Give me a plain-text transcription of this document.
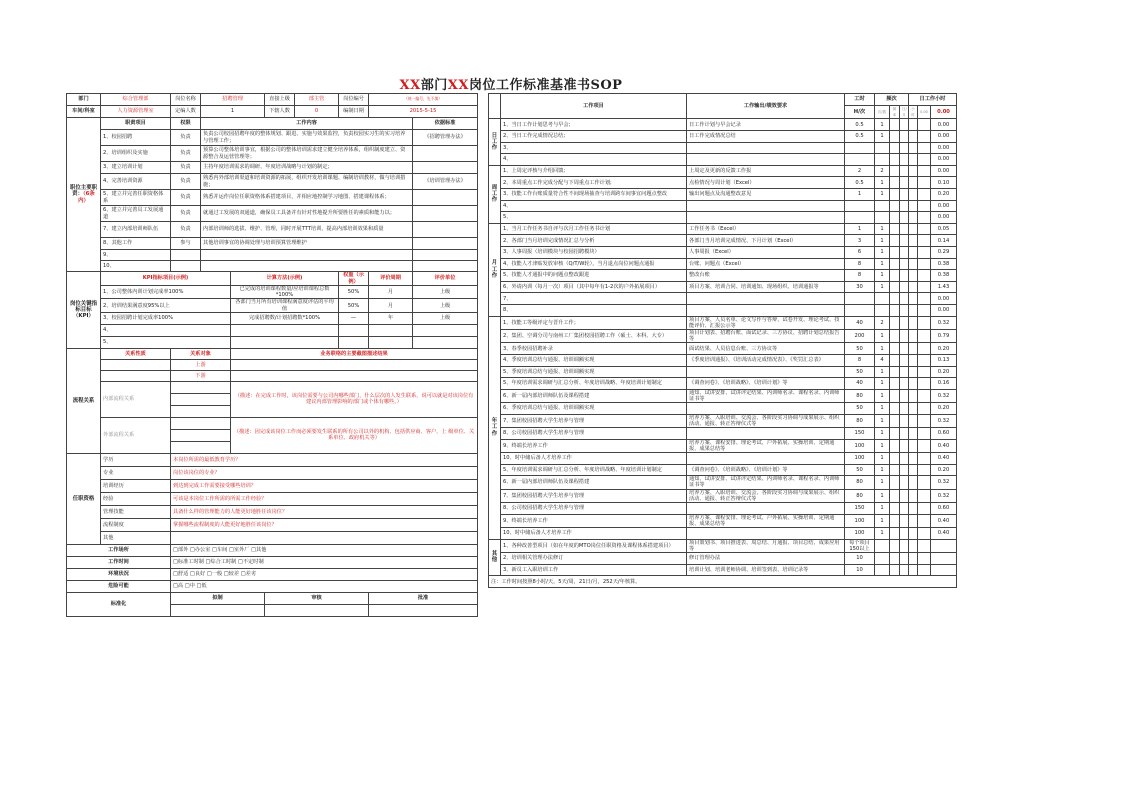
XX部门XX岗位工作标准基准书SOP
部门	综合管理部	岗位名称	招聘管理		直接上级	部主管	岗位编号	（统一编号，先不填）	
车间/科室	人力资源管理室	定编人数	1		下辖人数	0	编制日期	2015-5-15	
职位主要职责：（6条内）	职责项目	权限	工作内容						依据标准
	1、校园招聘	负责	负责公司校园招聘年度的整体规划、跟进、实施与效果监控，负责校园实习生的实习培养与管理工作；						《招聘管理办法》
	2、培训组织及实施	负责	预算公司整体培训事宜，根据公司的整体培训需求建立健全培养体系，组织制度建立、资源整合及运营管理等；						
	3、建立培训计划	负责	主持年度培训需求的调研、年度培训战略与计划的制定；						
	4、完善培训资源	负责	熟悉内外部培训渠道和培训资源的拓展，组织开发培训课题、编制培训教材，做与培训措施；						《培训管理办法》
	5、建立并完善任职资格体系	负责	熟悉并运作岗位任职资格体系搭建项目，并相应地控制学习地图、搭建课程体系；						
	6、建立并完善员工发展通道	负责	就通过工发展的双通道，确保员工具备并有针对性地提升所要胜任的素质和能力以；						
	7、建立内部培训师队伍	负责	内部培训师的选拔、维护、管理，同时开展TTT培训，提高内部培训效果和质量						
	8、其他工作	参与	其他培训事宜的协调处理与培训预算管理维护						
	9、								
	10、								
岗位关键指标目标（KPI）	KPI指标项目(示例)			计算方法(示例)			权重（示例）	评价周期	评价单位
	1、公司整体内训计划完成率100%			已完成的培训课程数量/应培训课程总数*100%			50%	月	上级
	2、培训结果满意度95%以上			各部门当月所有培训课程满意度评估的平均值			50%	月	上级
	3、校园招聘计划完成率100%			完成招聘数/计划招聘数*100%			—	年	上级
	4、								
	5、								
流程关系	关系性质	关系对象		业务联络的主要截图描述结果					
		上游							
		下游							
	内部流程关系			（描述：在完成工作时，该岗位需要与公司内哪些部门、什么层次的人发生联系，说可以就是对该岗位有建议内部管理影响的部门或个体有哪些。）					

	外部流程关系			（描述：因完成该岗位工作而必须要发生联系的所有公司以外的机构、包括供应商、客户、上 级单位、关系单位、政府机关等）					

任职资格	学历	本岗位所需的最低教育学历？							
	专业	岗位该岗位的专业？							
	培训经历	到达到完成工作需要接受哪些培训？							
	经验	可该是本岗位工作所需的所需工作经验？							
	管理技能	具备什么样的管理能力的人能更好地胜任该岗位？							
	流程制度	掌握哪些流程制度的人能更好地胜任该岗位？							
	其他								
工作场所		□部外 □办公室 □车间 □室外厂 □其他							
工作时间		□标准工时制 □综合工时制 □不定时制							
环境状况		□舒适 □良好 □一般 □较差 □差劣							
危险可能		□高 □中 □低							
标准化		拟制			审核			批准	

	工作项目	工作输出/绩效要求	工时	频次			日工作小时		
			H/次	次/数	频率	日/月	小时	0.00	0.00
日工作	1、当日工作计划思考与早会;	日工作计划与早会记录	0.5	1					0.00
	2、当日工作完成情况总结;	日工作完成情况总结	0.5	1					0.00
	3、								0.00
	4、								0.00
周工作	1、上周定评核与介绍回馈;	上周定及更新的反馈工作报	2	2					0.00
	2、本周重点工作完成分配与下周重点工作计划;	点检情况与周计划（Excel）	0.5	1					0.10
	3、技能工作台账质量符合性不间现场抽查与培训跨车间事宜问题点整改	输出问题点及沟通整改意见	1	1					0.20
	4、								0.00
	5、								0.00
月工作	1、当月工作任务书自评与次月工作任务书计划	工作任务书（Excel）	1	1					0.05
	2、各部门当月培训完成情况汇总与分析	各部门当月培训完成情况、下月计划（Excel）	3	1					0.14
	3、人事周报（培训模块与校园招聘模块）	人事周报（Excel）	6	1					0.29
	4、技能人才津贴发放审核（Q/T/W轮），当月退点岗位问题点通报	台账、问题点（Excel）	8	1					0.38
	5、技能人才通报中的问题点整改跟进	整改台账	8	1					0.38
	6、外请内训（每月一次）项目（其中每年有1-2次的户外拓展项目）	项目方案、培训合同、培训通知、现场组织、培训通报等	30	1					1.43
	7、								0.00
	8、								0.00
年工作	1、技能工等级评定与晋升工作；	项目方案、人员名单、论文写作与答辩、试卷开发、理论考试、技能评价、汇报公示等	40	2					0.32
	2、集团、空调分司与南州工厂集团校园招聘工作（硕士、本科、大专）	项目计划表、招聘台账、面试记录、三方协议、招聘计划总结报告等	200	1					0.79
	3、春季校园招聘补录	面试结果、人员信息台账、三方协议等	50	1					0.20
	4、季度培训总结与通报、培训调额实现	《季度培训通报》、《培训活动完成情况表》、《奖罚汇总表》	8	4					0.13
	5、季度培训总结与通报、培训调额实现		50	1					0.20
	5、年度培训需求调研与汇总分析、年度培训战略、年度培训计划制定	《调查问卷》、《培训战略》、《培训计划》等	40	1					0.16
	6、新一届内部培训师队伍及课程搭建	通知、试讲安排、试讲评定结果、内训师名录、课程名录、内训师证书等	80	1					0.32
	6、季度培训总结与通报、培训调额实现		50	1					0.20
	7、集团校园招聘大学生培养与管理	培养方案、入职培训、交流会、各阶段实习协调与成果展示、组织活动、通报、转正答辩仪式等	80	1					0.32
	8、公司校园招聘大学生培养与管理		150	1					0.60
	9、终端长培养工作	培养方案、课程安排、理论考试、户外拓展、实操培训、定期通报、成果总结等	100	1					0.40
	10、时中储后备人才培养工作		100	1					0.40
	5、年度培训需求调研与汇总分析、年度培训战略、年度培训计划制定	《调查问卷》、《培训战略》、《培训计划》等	50	1					0.20
	6、新一届内部培训师队伍及课程搭建	通知、试讲安排、试讲评定结果、内训师名录、课程名录、内训师证书等	80	1					0.32
	7、集团校园招聘大学生培养与管理	培养方案、入职培训、交流会、各阶段实习协调与成果展示、组织活动、通报、转正答辩仪式等	80	1					0.32
	8、公司校园招聘大学生培养与管理		150	1					0.60
	9、终端长培养工作	培养方案、课程安排、理论考试、户外拓展、实操培训、定期通报、成果总结等	100	1					0.40
	10、时中储后备人才培养工作		100	1					0.40
其他	1、各种改善型项目（如在年度的MTO岗位任职资格及课程体系搭建项目）	项目策划书、项目推进表、周总结、月通报、项目总结、成果应用等	每个项目150以上						
	2、培训相关管理办法修订	修订管理办法	10						
	3、新员工入职培训工作	培训计划、培训老师协调、培训签到表、培训记录等	10						
注：工作时间按照8小时/天，5天/周，21日/月，252天/年核算。									
